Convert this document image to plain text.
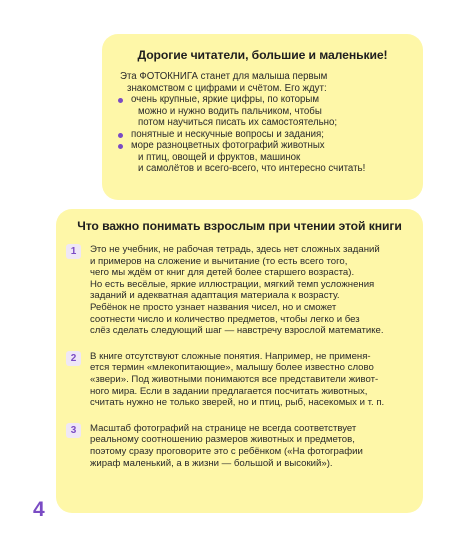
Дорогие читатели, большие и маленькие!
Эта ФОТОКНИГА станет для малыша первым
знакомством с цифрами и счётом. Его ждут:
очень крупные, яркие цифры, по которым
можно и нужно водить пальчиком, чтобы
потом научиться писать их самостоятельно;
понятные и нескучные вопросы и задания;
море разноцветных фотографий животных
и птиц, овощей и фруктов, машинок
и самолётов и всего-всего, что интересно считать!
Что важно понимать взрослым при чтении этой книги
1	Это не учебник, не рабочая тетрадь, здесь нет сложных заданий
и примеров на сложение и вычитание (то есть всего того,
чего мы ждём от книг для детей более старшего возраста).
Но есть весёлые, яркие иллюстрации, мягкий темп усложнения
заданий и адекватная адаптация материала к возрасту.
Ребёнок не просто узнает названия чисел, но и сможет
соотнести число и количество предметов, чтобы легко и без
слёз сделать следующий шаг — навстречу взрослой математике.
2	В книге отсутствуют сложные понятия. Например, не применя-
ется термин «млекопитающие», малышу более известно слово
«звери». Под животными понимаются все представители живот-
ного мира. Если в задании предлагается посчитать животных,
считать нужно не только зверей, но и птиц, рыб, насекомых и т. п.
3	Масштаб фотографий на странице не всегда соответствует
реальному соотношению размеров животных и предметов,
поэтому сразу проговорите это с ребёнком («На фотографии
жираф маленький, а в жизни — большой и высокий»).
4
